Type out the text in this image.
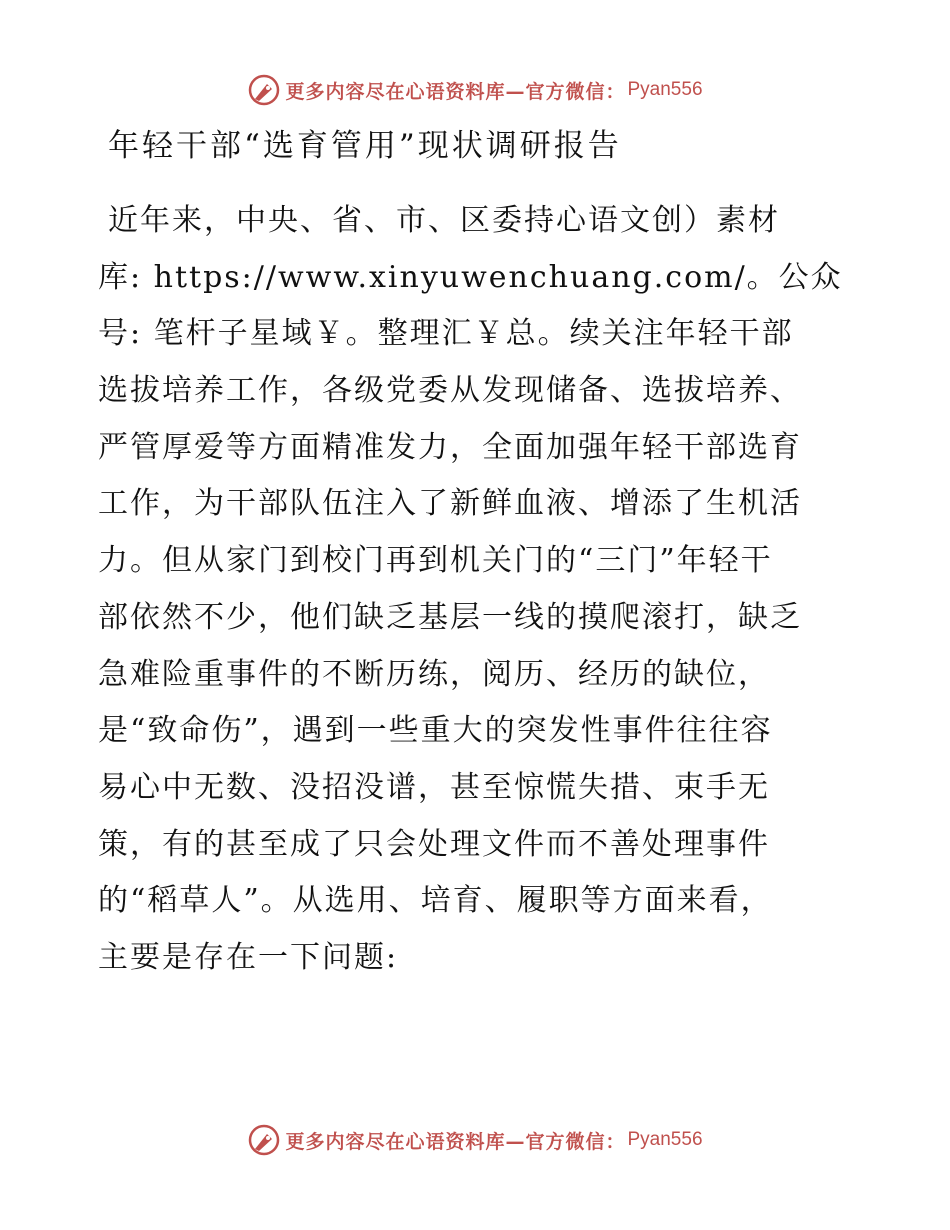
更多内容尽在心语资料库—官方微信： Pyan556
年轻干部“选育管用”现状调研报告
近年来，中央、省、市、区委持心语文创）素材
库: https://www.xinyuwenchuang.com/。公众
号: 笔杆子星域￥。整理汇￥总。续关注年轻干部
选拔培养工作，各级党委从发现储备、选拔培养、
严管厚爱等方面精准发力，全面加强年轻干部选育
工作，为干部队伍注入了新鲜血液、增添了生机活
力。但从家门到校门再到机关门的“三门”年轻干
部依然不少，他们缺乏基层一线的摸爬滚打，缺乏
急难险重事件的不断历练，阅历、经历的缺位，
是“致命伤”，遇到一些重大的突发性事件往往容
易心中无数、没招没谱，甚至惊慌失措、束手无
策，有的甚至成了只会处理文件而不善处理事件
的“稻草人”。从选用、培育、履职等方面来看，
主要是存在一下问题:
更多内容尽在心语资料库—官方微信： Pyan556
